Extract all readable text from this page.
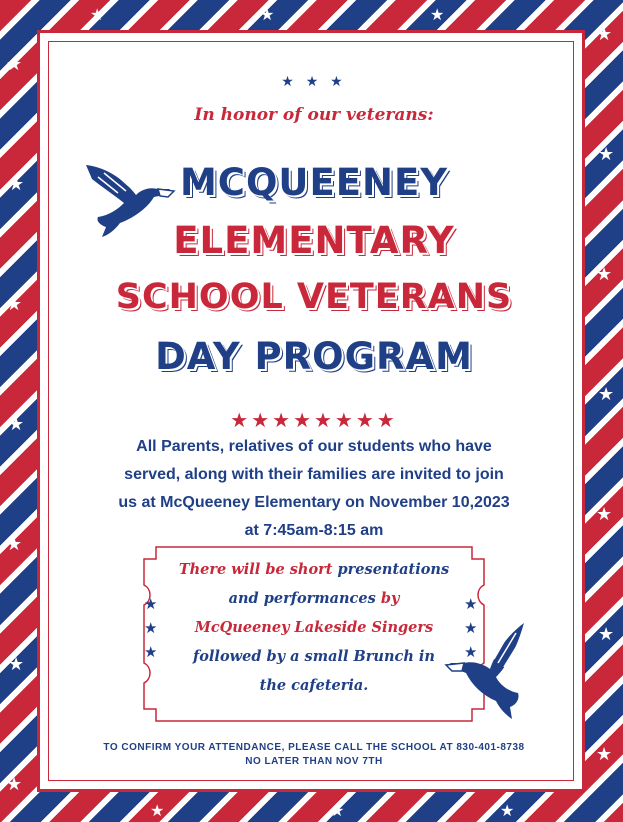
★
★
★
★
★
★
★
★
★
★
★
★
★
★
★	★	★
★	★	★
★ ★ ★
In honor of our veterans:
MCQUEENEY
ELEMENTARY
SCHOOL VETERANS
DAY PROGRAM
★★★★★★★★
All Parents, relatives of our students who have
served, along with their families are invited to join
us at McQueeney Elementary on November 10,2023
at 7:45am-8:15 am
There will be short presentations
and performances by
McQueeney Lakeside Singers
followed by a small Brunch in
the cafeteria.
★
★
★
★
★
★
TO CONFIRM YOUR ATTENDANCE, PLEASE CALL THE SCHOOL AT 830-401-8738
NO LATER THAN NOV 7TH
